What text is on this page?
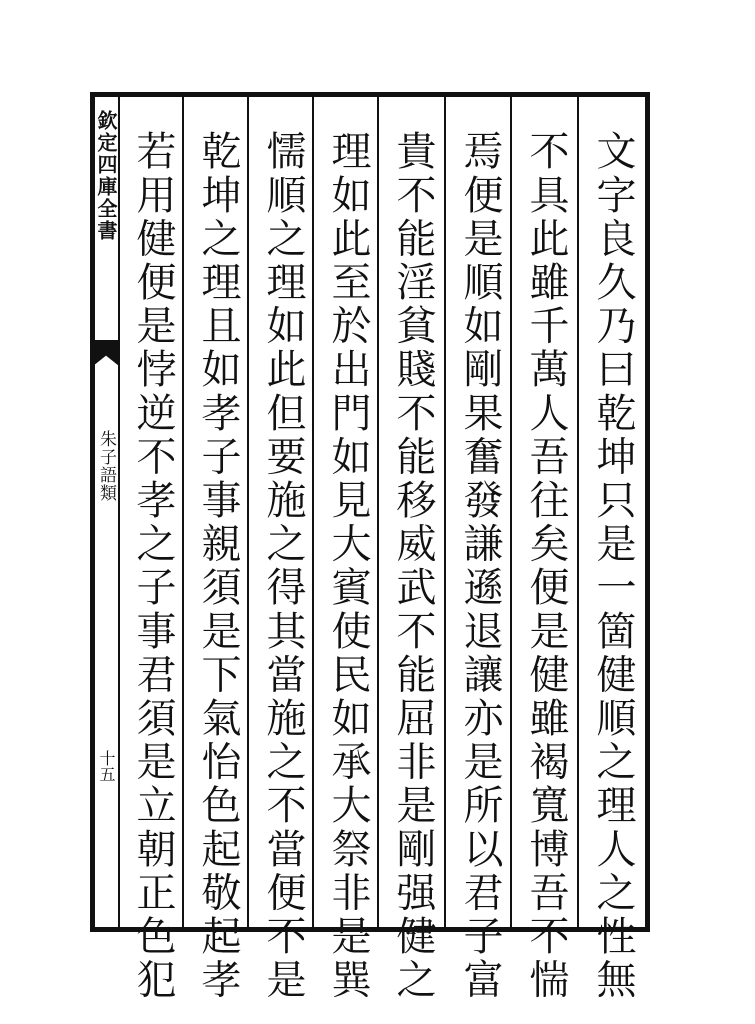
欽定四庫全書
朱子語類
十五	文字良久乃曰乾坤只是一箇健順之理人之性無
不具此雖千萬人吾往矣便是健雖褐寬博吾不惴
焉便是順如剛果奮發謙遜退讓亦是所以君子富
貴不能淫貧賤不能移威武不能屈非是剛强健之
理如此至於出門如見大賓使民如承大祭非是巽
懦順之理如此但要施之得其當施之不當便不是
乾坤之理且如孝子事親須是下氣怡色起敬起孝
若用健便是悖逆不孝之子事君須是立朝正色犯
